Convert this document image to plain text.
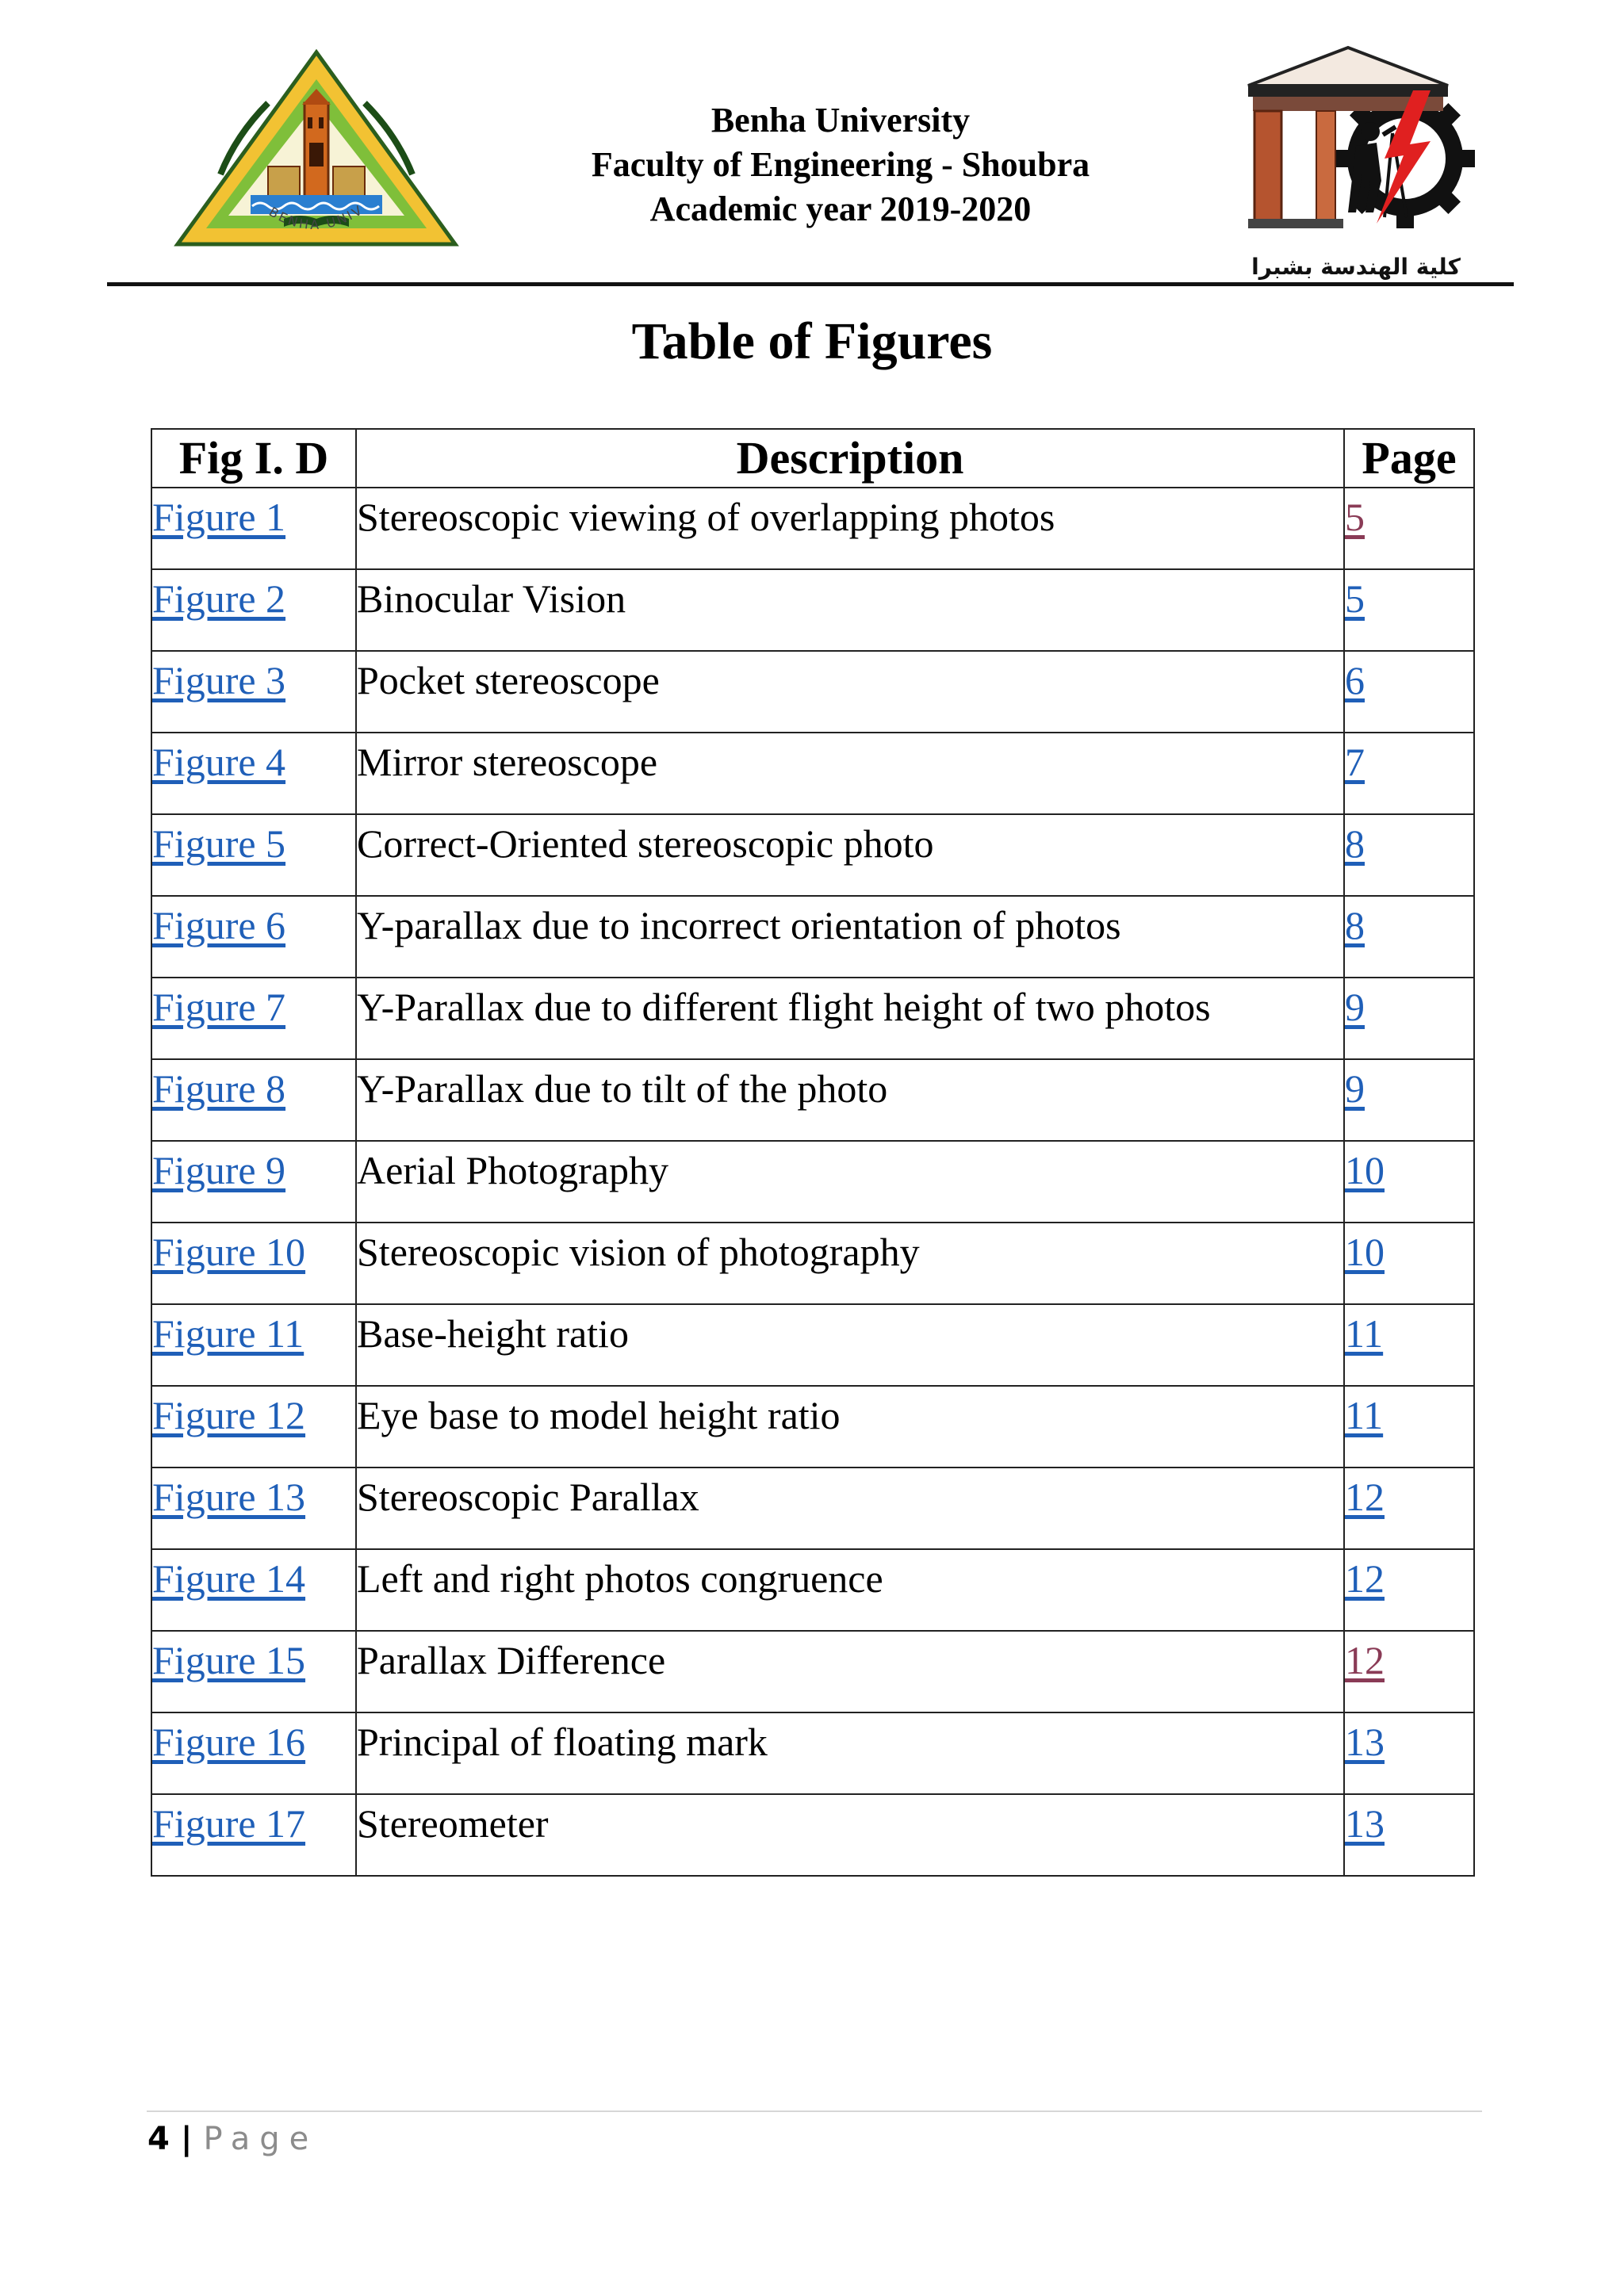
BENHA UNIV
Benha University
Faculty of Engineering - Shoubra
Academic year 2019-2020
كلية الهندسة بشبرا
Table of Figures
Fig I. D	Description	Page
Figure 1	Stereoscopic viewing of overlapping photos	5
Figure 2	Binocular Vision	5
Figure 3	Pocket stereoscope	6
Figure 4	Mirror stereoscope	7
Figure 5	Correct-Oriented stereoscopic photo	8
Figure 6	Y-parallax due to incorrect orientation of photos	8
Figure 7	Y-Parallax due to different flight height of two photos	9
Figure 8	Y-Parallax due to tilt of the photo	9
Figure 9	Aerial Photography	10
Figure 10	Stereoscopic vision of photography	10
Figure 11	Base-height ratio	11
Figure 12	Eye base to model height ratio	11
Figure 13	Stereoscopic Parallax	12
Figure 14	Left and right photos congruence	12
Figure 15	Parallax Difference	12
Figure 16	Principal of floating mark	13
Figure 17	Stereometer	13
4 | Page
